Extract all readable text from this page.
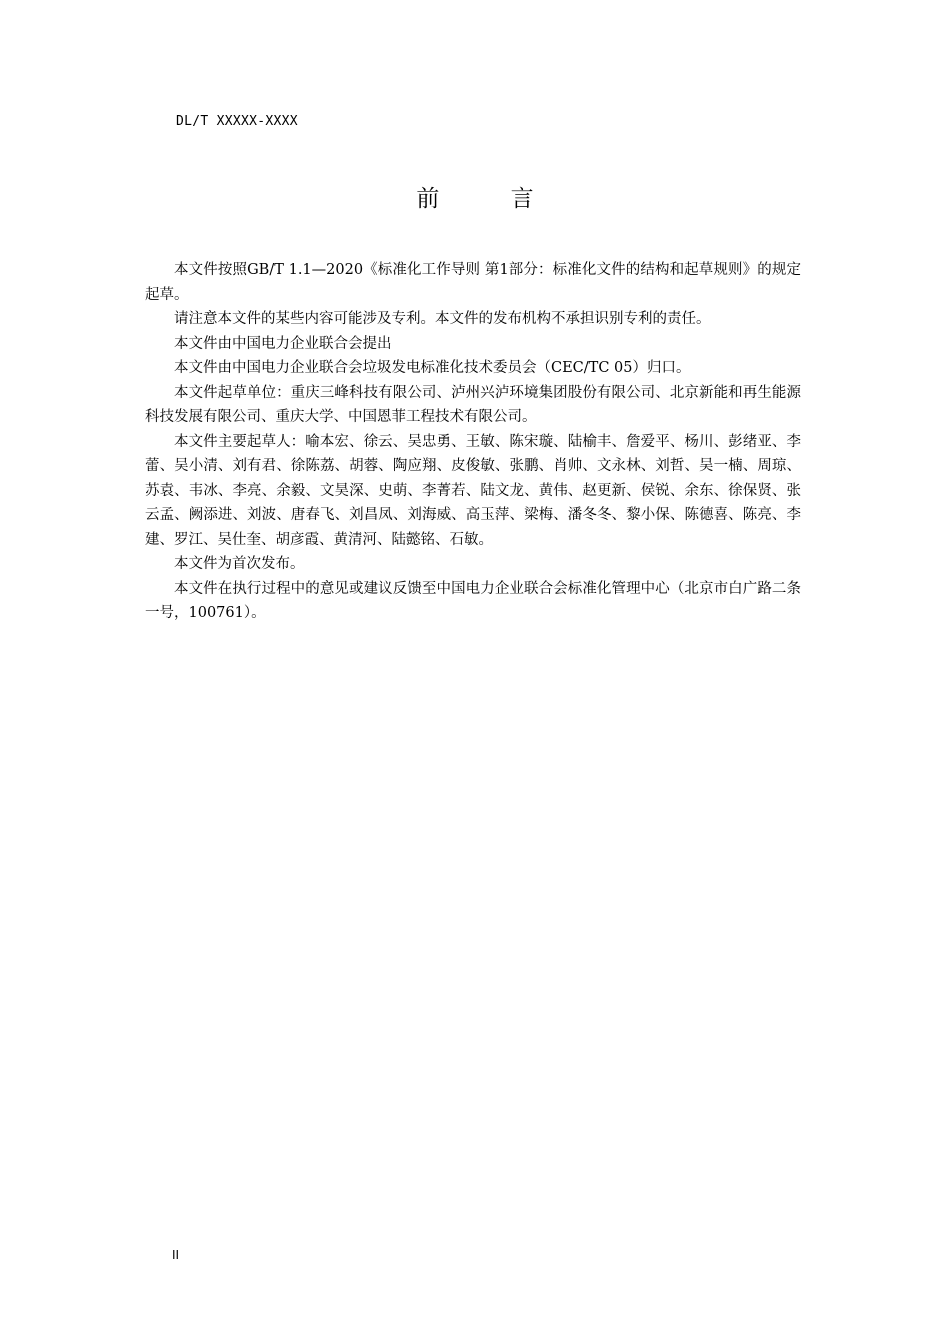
DL/T XXXXX-XXXX
前 言

本文件按照GB/T 1.1—2020《标准化工作导则 第1部分：标准化文件的结构和起草规则》的规定起草。

请注意本文件的某些内容可能涉及专利。本文件的发布机构不承担识别专利的责任。

本文件由中国电力企业联合会提出

本文件由中国电力企业联合会垃圾发电标准化技术委员会（CEC/TC 05）归口。

本文件起草单位：重庆三峰科技有限公司、泸州兴泸环境集团股份有限公司、北京新能和再生能源科技发展有限公司、重庆大学、中国恩菲工程技术有限公司。

本文件主要起草人：喻本宏、徐云、吴忠勇、王敏、陈宋璇、陆榆丰、詹爱平、杨川、彭绪亚、李蕾、吴小清、刘有君、徐陈荔、胡蓉、陶应翔、皮俊敏、张鹏、肖帅、文永林、刘哲、吴一楠、周琼、苏袁、韦冰、李亮、余毅、文昊深、史萌、李菁若、陆文龙、黄伟、赵更新、侯锐、余东、徐保贤、张云孟、阙添进、刘波、唐春飞、刘昌凤、刘海威、高玉萍、梁梅、潘冬冬、黎小保、陈德喜、陈亮、李建、罗江、吴仕奎、胡彦霞、黄清河、陆懿铭、石敏。

本文件为首次发布。

本文件在执行过程中的意见或建议反馈至中国电力企业联合会标准化管理中心（北京市白广路二条一号，100761）。

II
